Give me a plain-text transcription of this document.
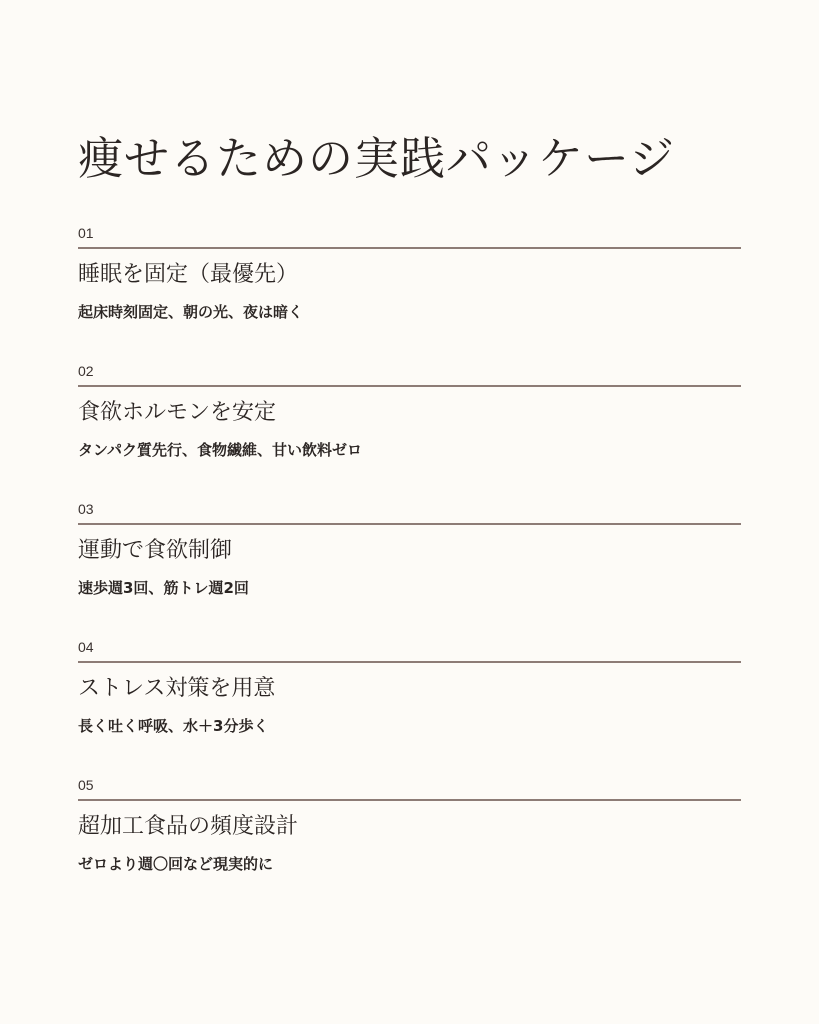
痩せるための実践パッケージ
01
睡眠を固定（最優先）
起床時刻固定、朝の光、夜は暗く
02
食欲ホルモンを安定
タンパク質先行、食物繊維、甘い飲料ゼロ
03
運動で食欲制御
速歩週3回、筋トレ週2回
04
ストレス対策を用意
長く吐く呼吸、水＋3分歩く
05
超加工食品の頻度設計
ゼロより週〇回など現実的に
